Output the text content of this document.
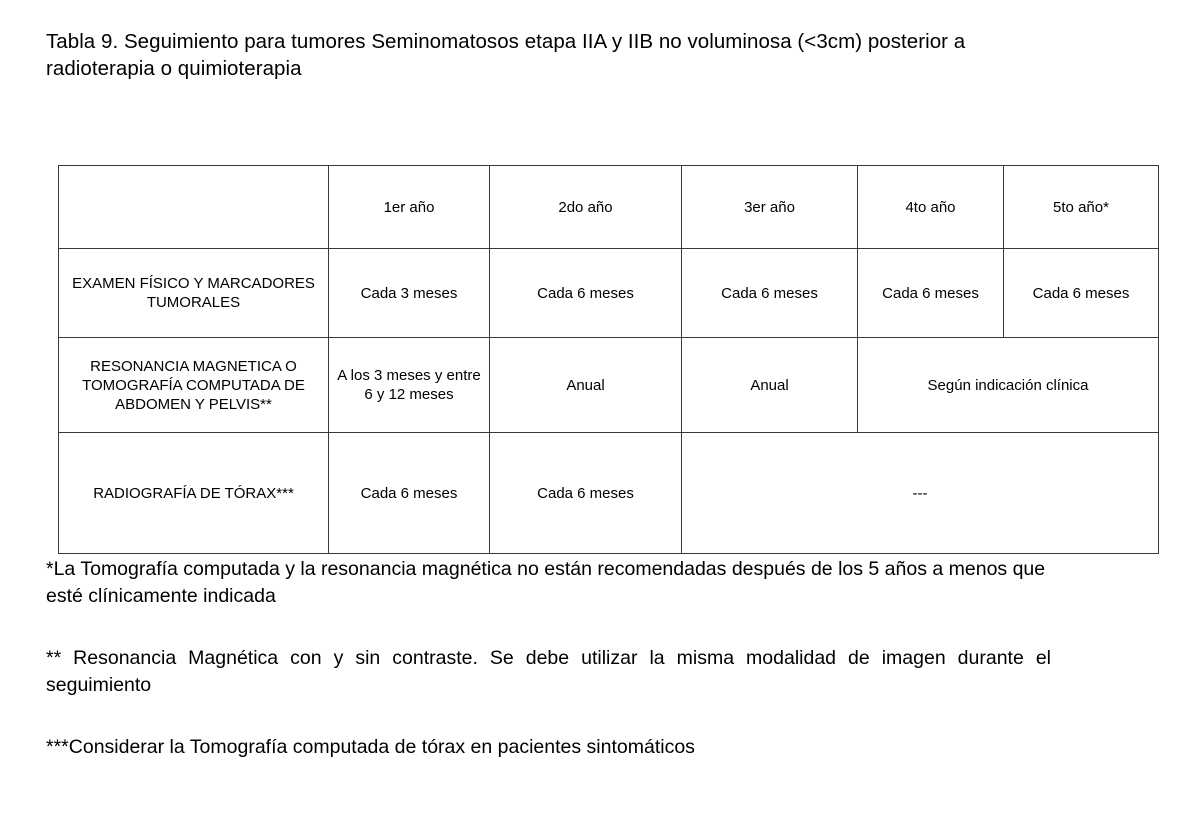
Tabla 9. Seguimiento para tumores Seminomatosos etapa IIA y IIB no voluminosa (<3cm) posterior a radioterapia o quimioterapia
	1er año	2do año	3er año	4to año	5to año*
EXAMEN FÍSICO Y MARCADORES TUMORALES	Cada 3 meses	Cada 6 meses	Cada 6 meses	Cada 6 meses	Cada 6 meses
RESONANCIA MAGNETICA O TOMOGRAFÍA COMPUTADA DE ABDOMEN Y PELVIS**	A los 3 meses y entre 6 y 12 meses	Anual	Anual	Según indicación clínica	
RADIOGRAFÍA DE TÓRAX***	Cada 6 meses	Cada 6 meses	---		
*La Tomografía computada y la resonancia magnética no están recomendadas después de los 5 años a menos que esté clínicamente indicada
** Resonancia Magnética con y sin contraste. Se debe utilizar la misma modalidad de imagen durante el seguimiento
***Considerar la Tomografía computada de tórax en pacientes sintomáticos
